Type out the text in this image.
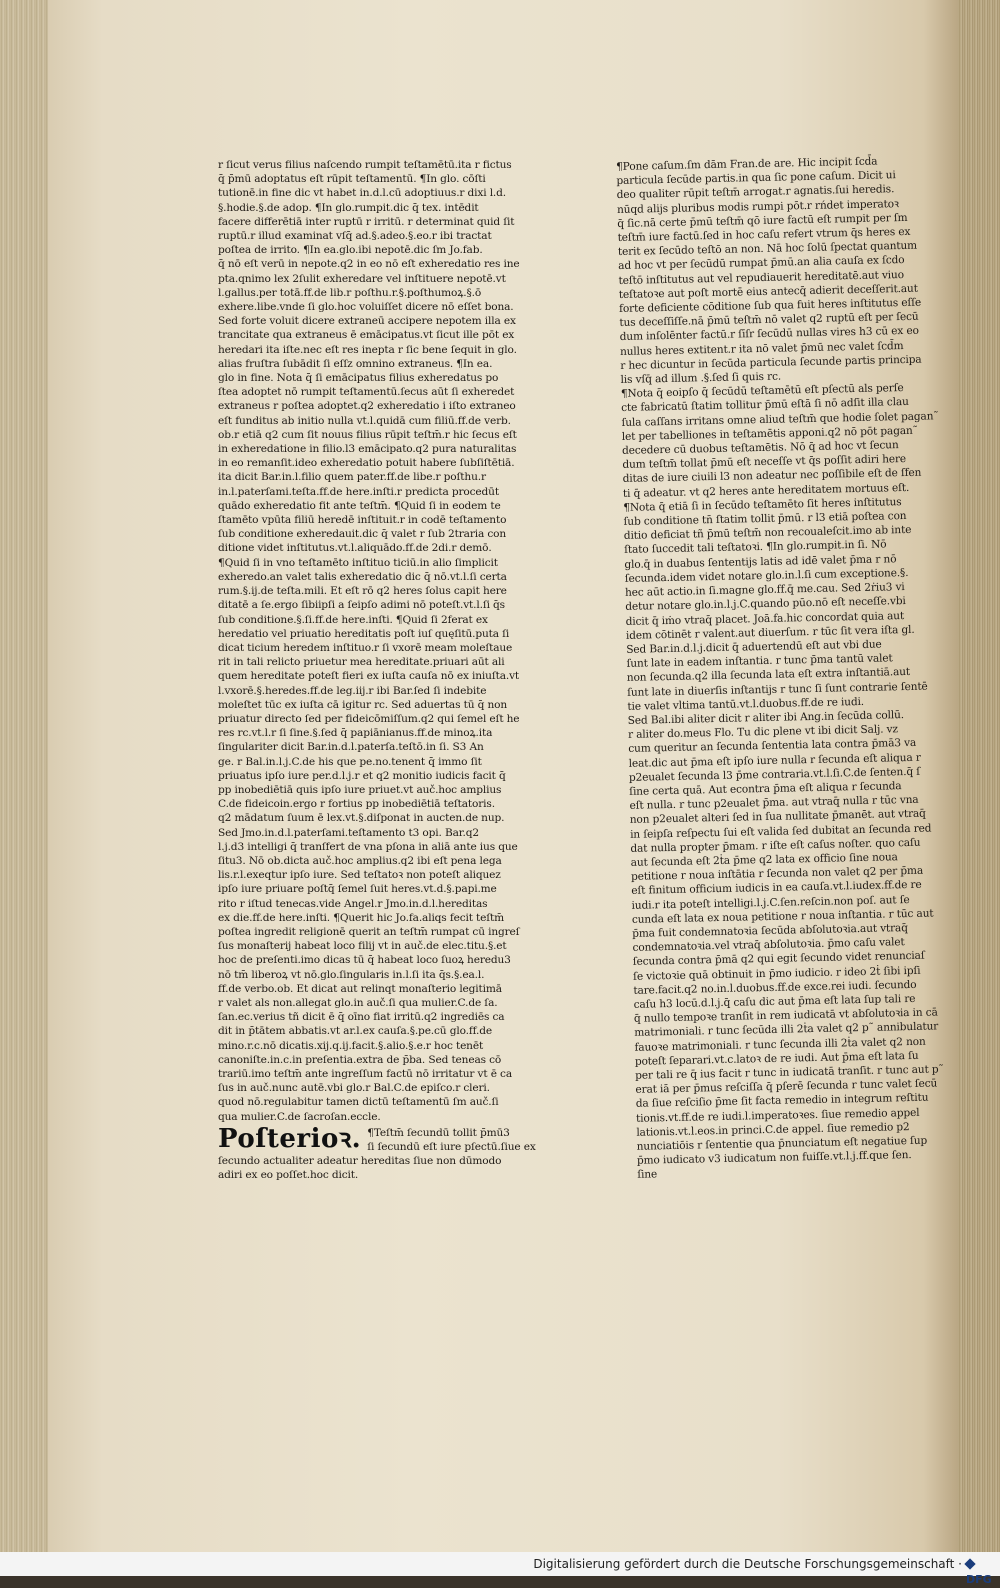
r ſicut verus filius naſcendo rumpit teſtamētū.ita r fictus

q̄ p̄mū adoptatus eſt rūpit teſtamentū. ¶In glo. cōſti

tutionē.in fine dic vt habet in.d.l.cū adoptiuus.r dixi l.d.

§.hodie.§.de adop. ¶In glo.rumpit.dic q̄ tex. intēdit

facere differētiā inter ruptū r irritū. r determinat quid ſit

ruptū.r illud examinat vſq̄ ad.§.adeo.§.eo.r ibi tractat

poſtea de irrito. ¶In ea.glo.ibi nepotē.dic ſm Jo.fab.

q̄ nō eſt verū in nepote.q2 in eo nō eſt exheredatio res ine

pta.qnimo lex 2ſulit exheredare vel inſtituere nepotē.vt

l.gallus.per totā.ff.de lib.r poſthu.r.§.poſthumoꝝ.§.ō

exhere.libe.vnde ſi glo.hoc voluiſſet dicere nō eſſet bona.

Sed forte voluit dicere extraneū accipere nepotem illa ex

trancitate qua extraneus ē emācipatus.vt ſicut ille pōt ex

heredari ita iſte.nec eſt res inepta r ſic bene ſequit in glo.

alias fruſtra ſubādit ſi eſſz omnino extraneus. ¶In ea.

glo in fine. Nota q̄ ſi emācipatus filius exheredatus po

ſtea adoptet nō rumpit teſtamentū.ſecus aūt ſi exheredet

extraneus r poſtea adoptet.q2 exheredatio i iſto extraneo

eſt funditus ab initio nulla vt.l.quidā cum filiū.ff.de verb.

ob.r etiā q2 cum ſit nouus filius rūpit teſtm̄.r hic ſecus eſt

in exheredatione in filio.l3 emācipato.q2 pura naturalitas

in eo remanſit.ideo exheredatio potuit habere ſubſiſtētiā.

ita dicit Bar.in.l.filio quem pater.ff.de libe.r poſthu.r

in.l.paterſami.teſta.ff.de here.inſti.r predicta procedūt

quādo exheredatio fit ante teſtm̄. ¶Quid ſi in eodem te

ſtamēto vpūta filiū heredē inſtituit.r in codē teſtamento

ſub conditione exheredauit.dic q̄ valet r ſub 2traria con

ditione videt inſtitutus.vt.l.aliquādo.ff.de 2di.r demō.

¶Quid ſi in vno teſtamēto inſtituo ticiū.in alio ſimplicit

exheredo.an valet talis exheredatio dic q̄ nō.vt.l.ſi certa

rum.§.ij.de teſta.mili. Et eſt rō q2 heres ſolus capit here

ditatē a ſe.ergo ſibiipſi a ſeipſo adimi nō poteſt.vt.l.ſi q̄s

ſub conditione.§.ſi.ff.de here.inſti. ¶Quid ſi 2ferat ex

heredatio vel priuatio hereditatis poſt iuſ quęſitū.puta ſi

dicat ticium heredem inſtituo.r ſi vxorē meam moleſtaue

rit in tali relicto priuetur mea hereditate.priuari aūt ali

quem hereditate poteſt fieri ex iuſta cauſa nō ex iniuſta.vt

l.vxorē.§.heredes.ff.de leg.iij.r ibi Bar.ſed ſi indebite

moleſtet tūc ex iuſta cā igitur rc. Sed aduertas tū q̄ non

priuatur directo ſed per fideicōmiſſum.q2 qui ſemel eſt he

res rc.vt.l.r ſi ſine.§.ſed q̄ papiānianus.ff.de minoꝝ.ita

ſingulariter dicit Bar.in.d.l.paterſa.teſtō.in ſi. S3 An

ge. r Bal.in.l.j.C.de his que pe.no.tenent q̄ immo ſit

priuatus ipſo iure per.d.l.j.r et q2 monitio iudicis facit q̄

pp inobediētiā quis ipſo iure priuet.vt auč.hoc amplius

C.de fideicoin.ergo r fortius pp inobediētiā teſtatoris.

q2 mādatum ſuum ē lex.vt.§.diſponat in aucten.de nup.

Sed Jmo.in.d.l.paterſami.teſtamento t3 opi. Bar.q2

l.j.d3 intelligi q̄ tranſfert de vna pſona in aliā ante ius que

ſitu3. Nō ob.dicta auč.hoc amplius.q2 ibi eſt pena lega

lis.r.l.exeqtur ipſo iure. Sed teſtatoꝛ non poteſt aliquez

ipſo iure priuare poſtq̄ ſemel ſuit heres.vt.d.§.papi.me

rito r iſtud tenecas.vide Angel.r Jmo.in.d.l.hereditas

ex die.ff.de here.inſti. ¶Querit hic Jo.fa.aliqs fecit teſtm̄

poſtea ingredit religionē querit an teſtm̄ rumpat cū ingreſ

ſus monaſterij habeat loco filij vt in auč.de elec.titu.§.et

hoc de preſenti.imo dicas tū q̄ habeat loco ſuoꝝ heredu3

nō tm̄ liberoꝝ vt nō.glo.ſingularis in.l.ſi ita q̄s.§.ea.l.

ff.de verbo.ob. Et dicat aut relinqt monaſterio legitimā

r valet als non.allegat glo.in auč.ſi qua mulier.C.de ſa.

ſan.ec.verius tñ dicit ē q̄ oīno fiat irritū.q2 ingrediēs ca

dit in p̄tātem abbatis.vt ar.l.ex cauſa.§.pe.cū glo.ff.de

mino.r.c.nō dicatis.xij.q.ij.facit.§.alio.§.e.r hoc tenēt

canoniſte.in.c.in preſentia.extra de p̄ba. Sed teneas cō

trariū.imo teſtm̄ ante ingreſſum factū nō irritatur vt ē ca

ſus in auč.nunc autē.vbi glo.r Bal.C.de epiſco.r cleri.

quod nō.regulabitur tamen dictū teſtamentū ſm auč.ſi

qua mulier.C.de ſacroſan.eccle.

Poſterioꝛ. ¶Teſtm̄ ſecundū tollit p̄mū3

ſi ſecundū eſt iure pſectū.ſiue ex

ſecundo actualiter adeatur hereditas ſiue non dūmodo

adiri ex eo poſſet.hoc dicit.

¶Pone caſum.ſm dām Fran.de are. Hic incipit ſcd̄a

particula ſecūde partis.in qua ſic pone caſum. Dicit ui

deo qualiter rūpit teſtm̄ arrogat.r agnatis.ſui heredis.

nūqd alijs pluribus modis rumpi pōt.r rńdet imperatoꝛ

q̄ ſic.nā certe p̄mū teſtm̄ qō iure factū eſt rumpit per ſm

teſtm̄ iure factū.ſed in hoc caſu refert vtrum q̄s heres ex

terit ex ſecūdo teſtō an non. Nā hoc ſolū ſpectat quantum

ad hoc vt per ſecūdū rumpat p̄mū.an alia cauſa ex ſcdo

teſtō inſtitutus aut vel repudiauerit hereditatē.aut viuo

teſtatoꝛe aut poſt mortē eius antecq̄ adierit deceſſerit.aut

forte deficiente cōditione ſub qua fuit heres inſtitutus eſſe

tus deceſſiſſe.nā p̄mū teſtm̄ nō valet q2 ruptū eſt per ſecū

dum inſolēnter factū.r ſīſr ſecūdū nullas vires h3 cū ex eo

nullus heres extitent.r ita nō valet p̄mū nec valet ſcd̄m

r hec dicuntur in ſecūda particula ſecunde partis principa

lis vſq̄ ad illum .§.ſed ſi quis rc.

¶Nota q̄ eoipſo q̄ ſecūdū teſtamētū eſt pſectū als perſe

cte fabricatū ſtatim tollitur p̄mū eſtā ſi nō adſit illa clau

ſula caſſans irritans omne aliud teſtm̄ que hodie ſolet pagan˜

let per tabelliones in teſtamētis apponi.q2 nō pōt pagan˜

decedere cū duobus teſtamētis. Nō q̄ ad hoc vt ſecun

dum teſtm̄ tollat p̄mū eſt neceſſe vt q̄s poſſit adiri here

ditas de iure ciuili l3 non adeatur nec poſſibile eſt de ſfen

ti q̄ adeatur. vt q2 heres ante hereditatem mortuus eſt.

¶Nota q̄ etiā ſi in ſecūdo teſtamēto ſit heres inſtitutus

ſub conditione tn̄ ſtatim tollit p̄mū. r l3 etiā poſtea con

ditio deficiat tñ p̄mū teſtm̄ non recoualeſcit.imo ab inte

ſtato ſuccedit tali teſtatoꝛi. ¶In glo.rumpit.in ſi. Nō

glo.q̄ in duabus ſententijs latis ad idē valet p̄ma r nō

ſecunda.idem videt notare glo.in.l.ſi cum exceptione.§.

hec aūt actio.in ſi.magne glo.ff.q̄ me.cau. Sed 2ṙiu3 vi

detur notare glo.in.l.j.C.quando pūo.nō eſt neceſſe.vbi

dicit q̄ iṁo vtraq̄ placet. Joā.fa.hic concordat quia aut

idem cōtinēt r valent.aut diuerſum. r tūc ſit vera iſta gl.

Sed Bar.in.d.l.j.dicit q̄ aduertendū eſt aut vbi due

ſunt late in eadem inſtantia. r tunc p̄ma tantū valet

non ſecunda.q2 illa ſecunda lata eſt extra inſtantiā.aut

ſunt late in diuerſis inſtantijs r tunc ſi ſunt contrarie ſentē

tie valet vltima tantū.vt.l.duobus.ff.de re iudi.

Sed Bal.ibi aliter dicit r aliter ibi Ang.in ſecūda collū.

r aliter do.meus Flo. Tu dic plene vt ibi dicit Salj. vz

cum queritur an ſecunda ſententia lata contra p̄mā3 va

leat.dic aut p̄ma eſt ipſo iure nulla r ſecunda eſt aliqua r

p2eualet ſecunda l3 p̄me contraria.vt.l.ſi.C.de ſenten.q̄ ſ

ſine certa quā. Aut econtra p̄ma eſt aliqua r ſecunda

eſt nulla. r tunc p2eualet p̄ma. aut vtraq̄ nulla r tūc vna

non p2eualet alteri ſed in ſua nullitate p̄manēt. aut vtraq̄

in ſeipſa reſpectu ſui eſt valida ſed dubitat an ſecunda red

dat nulla propter p̄mam. r iſte eſt caſus noſter. quo caſu

aut ſecunda eſt 2ṫa p̄me q2 lata ex officio ſine noua

petitione r noua inſtātia r ſecunda non valet q2 per p̄ma

eſt finitum officium iudicis in ea cauſa.vt.l.iudex.ff.de re

iudi.r ita poteſt intelligi.l.j.C.ſen.reſcin.non poſ. aut ſe

cunda eſt lata ex noua petitione r noua inſtantia. r tūc aut

p̄ma fuit condemnatoꝛia ſecūda abſolutoꝛia.aut vtraq̄

condemnatoꝛia.vel vtraq̄ abſolutoꝛia. p̄mo caſu valet

ſecunda contra p̄mā q2 qui egit ſecundo videt renunciaſ

ſe victoꝛie quā obtinuit in p̄mo iudicio. r ideo 2ṫ ſibi ipſi

tare.facit.q2 no.in.l.duobus.ff.de exce.rei iudi. ſecundo

caſu h3 locū.d.l.j.q̄ caſu dic aut p̄ma eſt lata ſup tali re

q̄ nullo tempoꝛe tranſit in rem iudicatā vt abſolutoꝛia in cā

matrimoniali. r tunc ſecūda illi 2ṫa valet q2 p˜ annibulatur

fauoꝛe matrimoniali. r tunc ſecunda illi 2ṫa valet q2 non

poteſt ſeparari.vt.c.latoꝛ de re iudi. Aut p̄ma eſt lata ſu

per tali re q̄ ius facit r tunc in iudicatā tranſit. r tunc aut p˜

erat iā per p̄mus reſciſſa q̄ pſerē ſecunda r tunc valet ſecū

da ſiue reſciſio p̄me ſit facta remedio in integrum reſtitu

tionis.vt.ff.de re iudi.l.imperatoꝛes. ſiue remedio appel

lationis.vt.l.eos.in princi.C.de appel. ſiue remedio p2

nunciatiōis r ſententie qua p̄nunciatum eſt negatiue ſup

p̄mo iudicato v3 iudicatum non fuiſſe.vt.l.j.ff.que ſen.

ſine

Digitalisierung gefördert durch die Deutsche Forschungsgemeinschaft ·
DFG
